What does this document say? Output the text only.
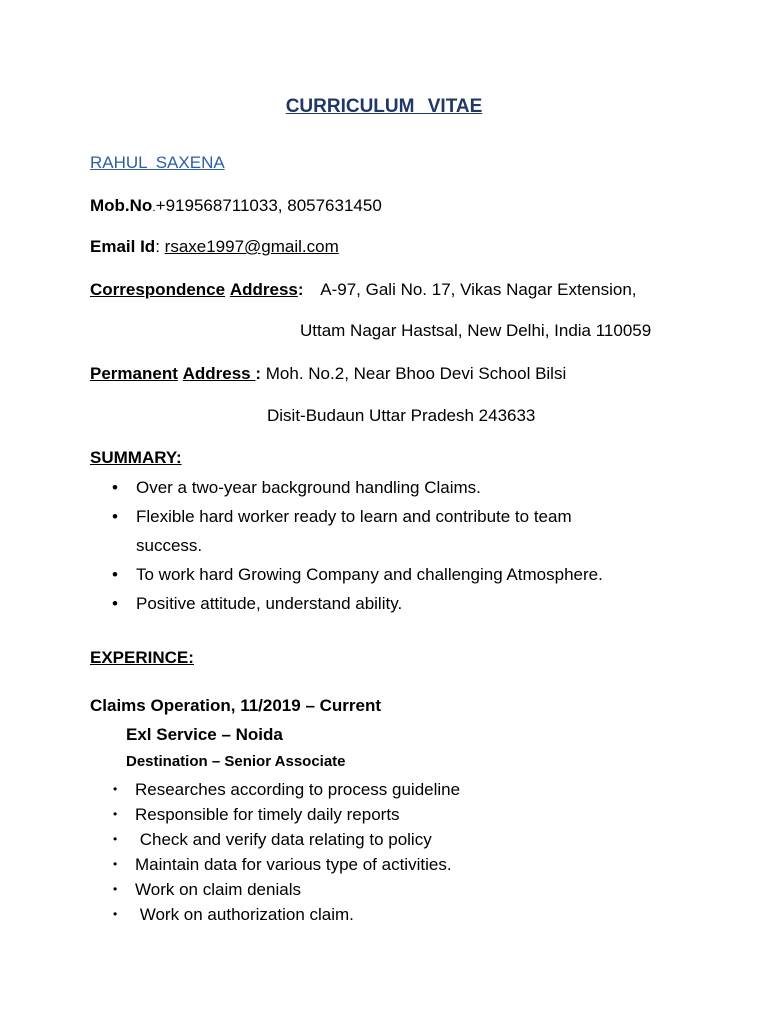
CURRICULUM VITAE
RAHUL SAXENA
Mob.No.+919568711033, 8057631450
Email Id: rsaxe1997@gmail.com
Correspondence Address: A-97, Gali No. 17, Vikas Nagar Extension,
Uttam Nagar Hastsal, New Delhi, India 110059
Permanent Address : Moh. No.2, Near Bhoo Devi School Bilsi
Disit-Budaun Uttar Pradesh 243633
SUMMARY:
• Over a two-year background handling Claims.
• Flexible hard worker ready to learn and contribute to team
success.
• To work hard Growing Company and challenging Atmosphere.
• Positive attitude, understand ability.
EXPERINCE:
Claims Operation, 11/2019 – Current
Exl Service – Noida
Destination – Senior Associate
• Researches according to process guideline
• Responsible for timely daily reports
• Check and verify data relating to policy
• Maintain data for various type of activities.
• Work on claim denials
• Work on authorization claim.
